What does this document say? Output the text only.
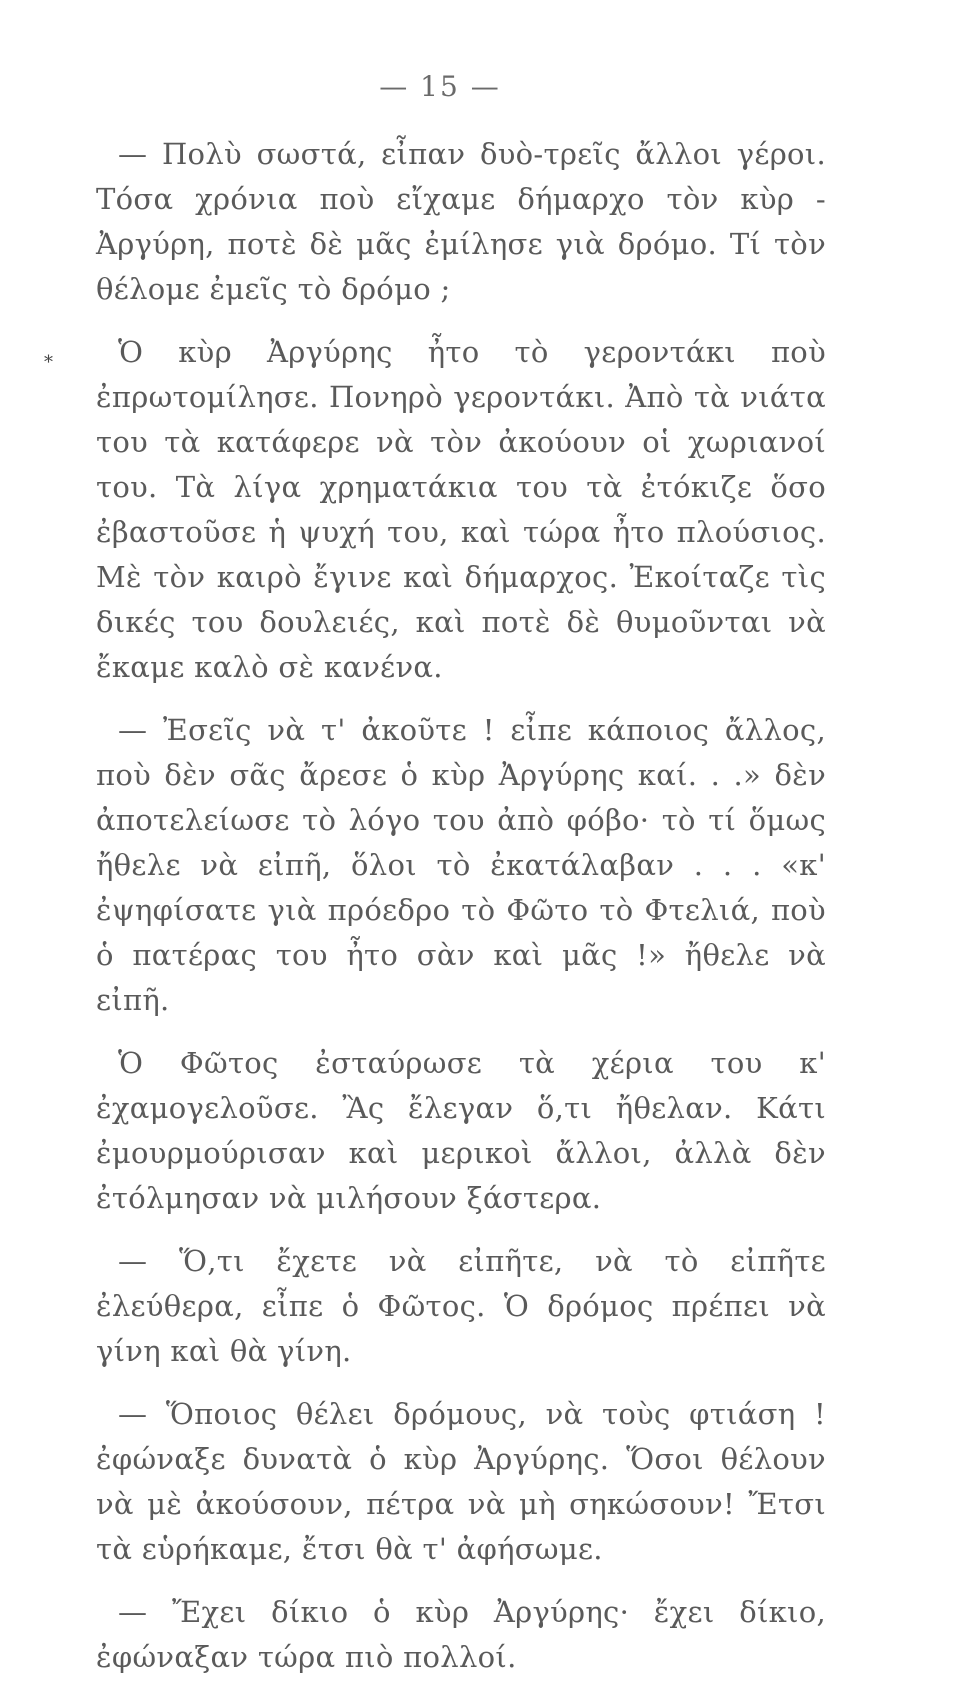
— 15 —
*

— Πολὺ σωστά, εἶπαν δυὸ-τρεῖς ἄλλοι γέροι. Τόσα χρόνια ποὺ εἴχαμε δήμαρχο τὸν κὺρ - Ἀργύρη, ποτὲ δὲ μᾶς ἐμίλησε γιὰ δρόμο. Τί τὸν θέλομε ἐμεῖς τὸ δρόμο ;

Ὁ κὺρ Ἀργύρης ἦτο τὸ γεροντάκι ποὺ ἐπρωτομίλησε. Πονηρὸ γεροντάκι. Ἀπὸ τὰ νιάτα του τὰ κατάφερε νὰ τὸν ἀκούουν οἱ χωριανοί του. Τὰ λίγα χρηματάκια του τὰ ἐτόκιζε ὅσο ἐβαστοῦσε ἡ ψυχή του, καὶ τώρα ἦτο πλούσιος. Μὲ τὸν καιρὸ ἔγινε καὶ δήμαρχος. Ἐκοίταζε τὶς δικές του δουλειές, καὶ ποτὲ δὲ θυμοῦνται νὰ ἔκαμε καλὸ σὲ κανένα.

— Ἐσεῖς νὰ τ' ἀκοῦτε ! εἶπε κάποιος ἄλλος, ποὺ δὲν σᾶς ἄρεσε ὁ κὺρ Ἀργύρης καί. . .» δὲν ἀποτελείωσε τὸ λόγο του ἀπὸ φόβο· τὸ τί ὅμως ἤθελε νὰ εἰπῆ, ὅλοι τὸ ἐκατάλαβαν . . . «κ' ἐψηφίσατε γιὰ πρόεδρο τὸ Φῶτο τὸ Φτελιά, ποὺ ὁ πατέρας του ἦτο σὰν καὶ μᾶς !» ἤθελε νὰ εἰπῆ.

Ὁ Φῶτος ἐσταύρωσε τὰ χέρια του κ' ἐχαμογελοῦσε. Ἂς ἔλεγαν ὅ,τι ἤθελαν. Κάτι ἐμουρμούρισαν καὶ μερικοὶ ἄλλοι, ἀλλὰ δὲν ἐτόλμησαν νὰ μιλήσουν ξάστερα.

— Ὅ,τι ἔχετε νὰ εἰπῆτε, νὰ τὸ εἰπῆτε ἐλεύθερα, εἶπε ὁ Φῶτος. Ὁ δρόμος πρέπει νὰ γίνη καὶ θὰ γίνη.

— Ὅποιος θέλει δρόμους, νὰ τοὺς φτιάση ! ἐφώναξε δυνατὰ ὁ κὺρ Ἀργύρης. Ὅσοι θέλουν νὰ μὲ ἀκούσουν, πέτρα νὰ μὴ σηκώσουν! Ἔτσι τὰ εὑρήκαμε, ἔτσι θὰ τ' ἀφήσωμε.

— Ἔχει δίκιο ὁ κὺρ Ἀργύρης· ἔχει δίκιο, ἐφώναξαν τώρα πιὸ πολλοί.
